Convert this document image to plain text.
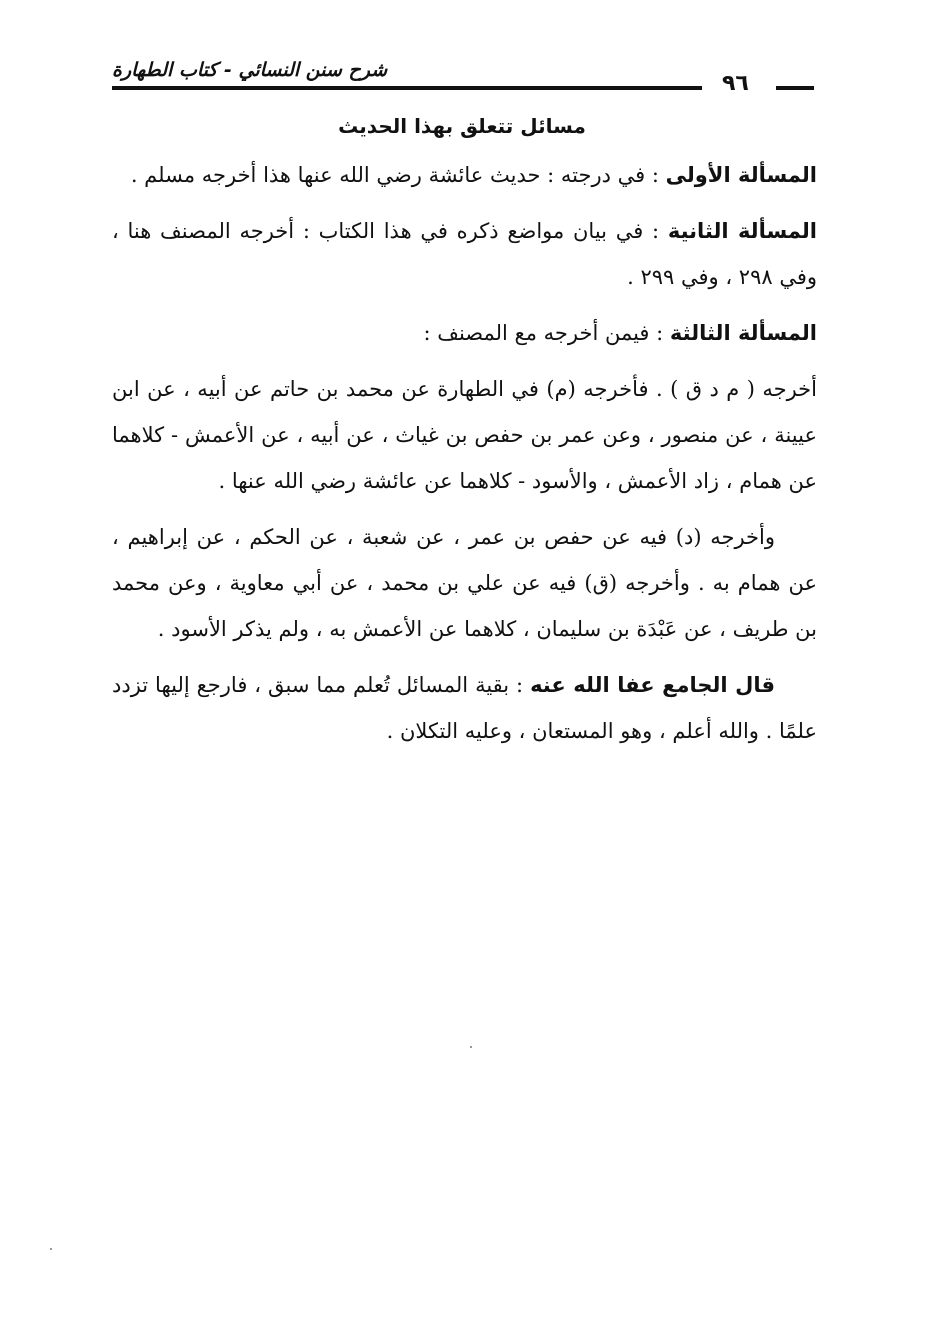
شرح سنن النسائي - كتاب الطهارة
٩٦
مسائل تتعلق بهذا الحديث

المسألة الأولى : في درجته : حديث عائشة رضي الله عنها هذا أخرجه مسلم .

المسألة الثانية : في بيان مواضع ذكره في هذا الكتاب : أخرجه المصنف هنا ، وفي ٢٩٨ ، وفي ٢٩٩ .

المسألة الثالثة : فيمن أخرجه مع المصنف :

أخرجه ( م د ق ) . فأخرجه (م) في الطهارة عن محمد بن حاتم عن أبيه ، عن ابن عيينة ، عن منصور ، وعن عمر بن حفص بن غياث ، عن أبيه ، عن الأعمش - كلاهما عن همام ، زاد الأعمش ، والأسود - كلاهما عن عائشة رضي الله عنها .

وأخرجه (د) فيه عن حفص بن عمر ، عن شعبة ، عن الحكم ، عن إبراهيم ، عن همام به . وأخرجه (ق) فيه عن علي بن محمد ، عن أبي معاوية ، وعن محمد بن طريف ، عن عَبْدَة بن سليمان ، كلاهما عن الأعمش به ، ولم يذكر الأسود .

قال الجامع عفا الله عنه : بقية المسائل تُعلم مما سبق ، فارجع إليها تزدد علمًا . والله أعلم ، وهو المستعان ، وعليه التكلان .
